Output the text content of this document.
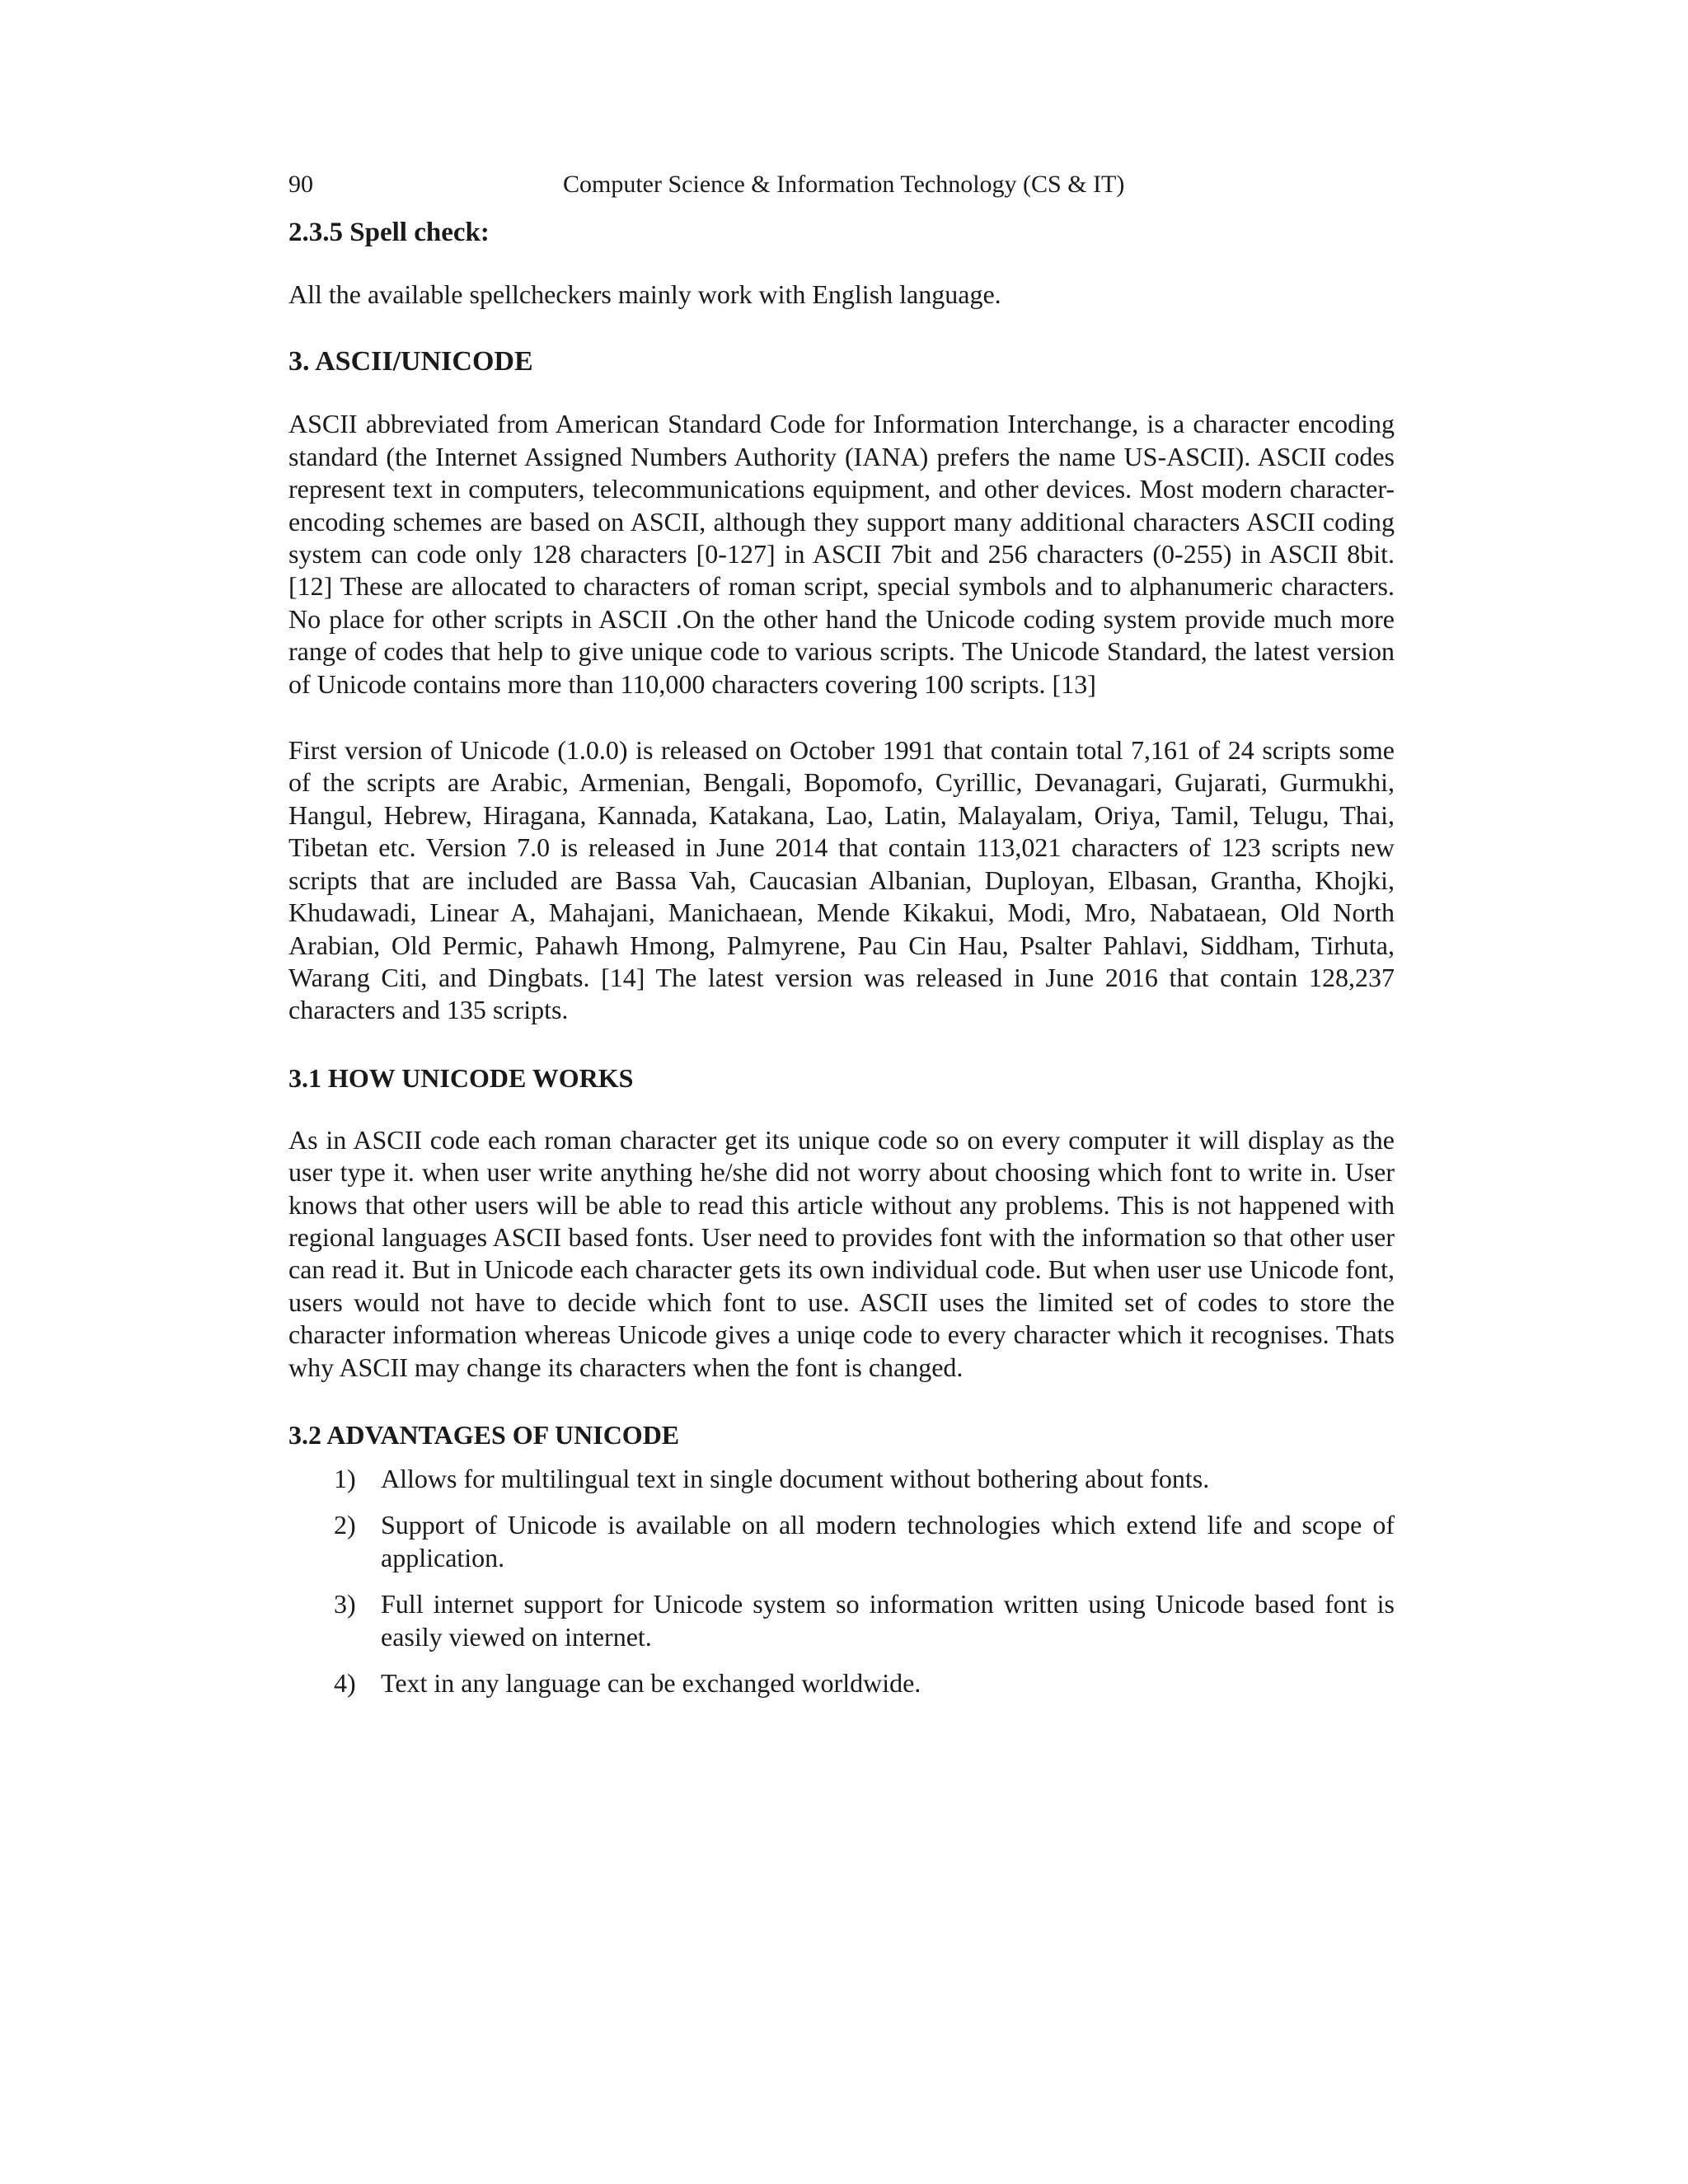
90	Computer Science & Information Technology (CS & IT)
2.3.5 Spell check:

All the available spellcheckers mainly work with English language.

3. ASCII/UNICODE

ASCII abbreviated from American Standard Code for Information Interchange, is a character encoding standard (the Internet Assigned Numbers Authority (IANA) prefers the name US-ASCII). ASCII codes represent text in computers, telecommunications equipment, and other devices. Most modern character-encoding schemes are based on ASCII, although they support many additional characters ASCII coding system can code only 128 characters [0-127] in ASCII 7bit and 256 characters (0-255) in ASCII 8bit. [12] These are allocated to characters of roman script, special symbols and to alphanumeric characters. No place for other scripts in ASCII .On the other hand the Unicode coding system provide much more range of codes that help to give unique code to various scripts. The Unicode Standard, the latest version of Unicode contains more than 110,000 characters covering 100 scripts. [13]

First version of Unicode (1.0.0) is released on October 1991 that contain total 7,161 of 24 scripts some of the scripts are Arabic, Armenian, Bengali, Bopomofo, Cyrillic, Devanagari, Gujarati, Gurmukhi, Hangul, Hebrew, Hiragana, Kannada, Katakana, Lao, Latin, Malayalam, Oriya, Tamil, Telugu, Thai, Tibetan etc. Version 7.0 is released in June 2014 that contain 113,021 characters of 123 scripts new scripts that are included are Bassa Vah, Caucasian Albanian, Duployan, Elbasan, Grantha, Khojki, Khudawadi, Linear A, Mahajani, Manichaean, Mende Kikakui, Modi, Mro, Nabataean, Old North Arabian, Old Permic, Pahawh Hmong, Palmyrene, Pau Cin Hau, Psalter Pahlavi, Siddham, Tirhuta, Warang Citi, and Dingbats. [14] The latest version was released in June 2016 that contain 128,237 characters and 135 scripts.

3.1 HOW UNICODE WORKS

As in ASCII code each roman character get its unique code so on every computer it will display as the user type it. when user write anything he/she did not worry about choosing which font to write in. User knows that other users will be able to read this article without any problems. This is not happened with regional languages ASCII based fonts. User need to provides font with the information so that other user can read it. But in Unicode each character gets its own individual code. But when user use Unicode font, users would not have to decide which font to use. ASCII uses the limited set of codes to store the character information whereas Unicode gives a uniqe code to every character which it recognises. Thats why ASCII may change its characters when the font is changed.

3.2 ADVANTAGES OF UNICODE
1) Allows for multilingual text in single document without bothering about fonts.
2) Support of Unicode is available on all modern technologies which extend life and scope of application.
3) Full internet support for Unicode system so information written using Unicode based font is easily viewed on internet.
4) Text in any language can be exchanged worldwide.
